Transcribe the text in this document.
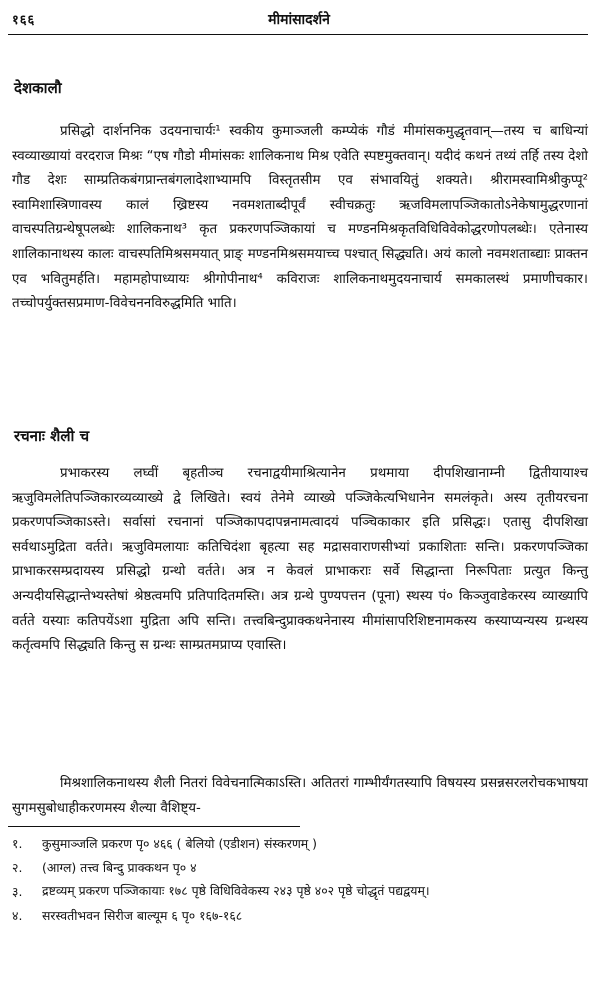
१६६	मीमांसादर्शने
देशकालौ

प्रसिद्धो दार्शननिक उदयनाचार्यः¹ स्वकीय कुमाञ्जली कम्प्येकं गौडं मीमांसकमुद्धृतवान्—तस्य च बाधिन्यां स्वव्याख्यायां वरदराज मिश्रः “एष गौडो मीमांसकः शालिकनाथ मिश्र एवेति स्पष्टमुक्तवान्। यदीदं कथनं तथ्यं तर्हि तस्य देशो गौड देशः साम्प्रतिकबंगप्रान्तबंगलादेशाभ्यामपि विस्तृतसीम एव संभावयितुं शक्यते। श्रीरामस्वामिश्रीकुप्पू² स्वामिशास्त्रिणावस्य कालं ख्रिष्टस्य नवमशताब्दीपूर्वं स्वीचक्रतुः ऋजविमलापञ्जिकातोऽनेकेषामुद्धरणानां वाचस्पतिग्रन्थेषूपलब्धेः शालिकनाथ³ कृत प्रकरणपञ्जिकायां च मण्डनमिश्रकृतविधिविवेकोद्धरणोपलब्धेः। एतेनास्य शालिकानाथस्य कालः वाचस्पतिमिश्रसमयात् प्राङ् मण्डनमिश्रसमयाच्च पश्चात् सिद्ध्यति। अयं कालो नवमशताब्द्याः प्राक्तन एव भवितुमर्हति। महामहोपाध्यायः श्रीगोपीनाथ⁴ कविराजः शालिकनाथमुदयनाचार्य समकालस्थं प्रमाणीचकार। तच्चोपर्युक्तसप्रमाण-विवेचननविरुद्धमिति भाति।

रचनाः शैली च

प्रभाकरस्य लघ्वीं बृहतीञ्च रचनाद्वयीमाश्रित्यानेन प्रथमाया दीपशिखानाम्नी द्वितीयायाश्च ऋजुविमलेतिपञ्जिकारव्यव्याख्ये द्वे लिखिते। स्वयं तेनेमे व्याख्ये पञ्जिकेत्यभिधानेन समलंकृते। अस्य तृतीयरचना प्रकरणपञ्जिकाऽस्ते। सर्वासां रचनानां पञ्जिकापदापन्ननामत्वादयं पञ्चिकाकार इति प्रसिद्धः। एतासु दीपशिखा सर्वथाऽमुद्रिता वर्तते। ऋजुविमलायाः कतिचिदंशा बृहत्या सह मद्रासवाराणसीभ्यां प्रकाशिताः सन्ति। प्रकरणपञ्जिका प्राभाकरसम्प्रदायस्य प्रसिद्धो ग्रन्थो वर्तते। अत्र न केवलं प्राभाकराः सर्वे सिद्धान्ता निरूपिताः प्रत्युत किन्तु अन्यदीयसिद्धान्तेभ्यस्तेषां श्रेष्ठत्वमपि प्रतिपादितमस्ति। अत्र ग्रन्थे पुण्यपत्तन (पूना) स्थस्य पं० किञ्जुवाडेकरस्य व्याख्यापि वर्तते यस्याः कतिपयेंऽशा मुद्रिता अपि सन्ति। तत्त्वबिन्दुप्राक्कथनेनास्य मीमांसापरिशिष्टनामकस्य कस्याप्यन्यस्य ग्रन्थस्य कर्तृत्वमपि सिद्ध्यति किन्तु स ग्रन्थः साम्प्रतमप्राप्य एवास्ति।

मिश्रशालिकनाथस्य शैली नितरां विवेचनात्मिकाऽस्ति। अतितरां गाम्भीर्यंगतस्यापि विषयस्य प्रसन्नसरलरोचकभाषया सुगमसुबोधाहीकरणमस्य शैल्या वैशिष्ट्य-

१.	कुसुमाञ्जलि प्रकरण पृ० ४६६ ( बेलियो (एडीशन) संस्करणम् )
२.	(आग्ल) तत्त्व बिन्दु प्राक्कथन पृ० ४
३.	द्रष्टव्यम् प्रकरण पञ्जिकायाः १७८ पृष्ठे विधिविवेकस्य २४३ पृष्ठे ४०२ पृष्ठे चोद्धृतं पद्यद्वयम्।
४.	सरस्वतीभवन सिरीज बाल्यूम ६ पृ० १६७-१६८
